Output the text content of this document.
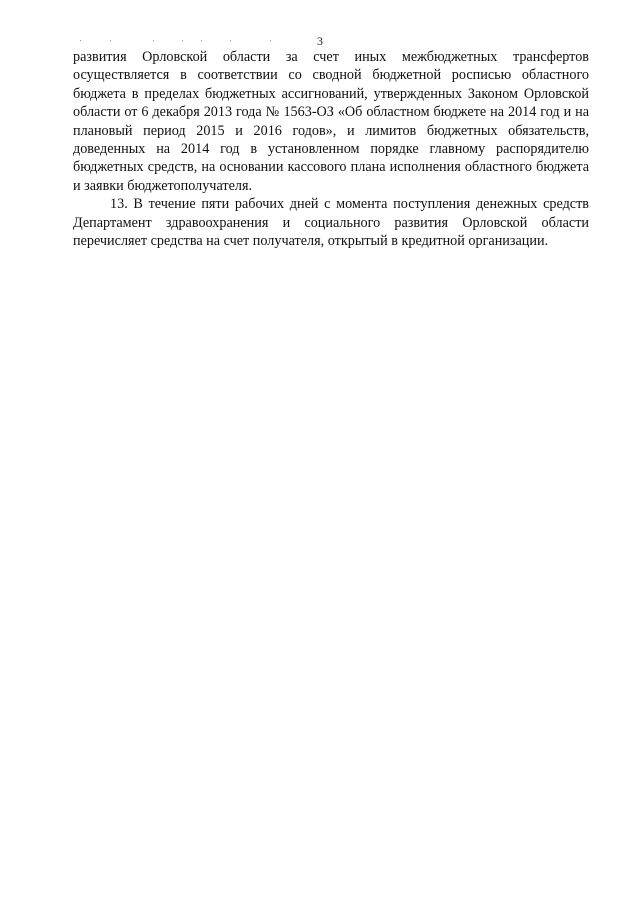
3

развития Орловской области за счет иных межбюджетных трансфертов осуществляется в соответствии со сводной бюджетной росписью областного бюджета в пределах бюджетных ассигнований, утвержденных Законом Орловской области от 6 декабря 2013 года № 1563-ОЗ «Об областном бюджете на 2014 год и на плановый период 2015 и 2016 годов», и лимитов бюджетных обязательств, доведенных на 2014 год в установленном порядке главному распорядителю бюджетных средств, на основании кассового плана исполнения областного бюджета и заявки бюджетополучателя.

13. В течение пяти рабочих дней с момента поступления денежных средств Департамент здравоохранения и социального развития Орловской области перечисляет средства на счет получателя, открытый в кредитной организации.
